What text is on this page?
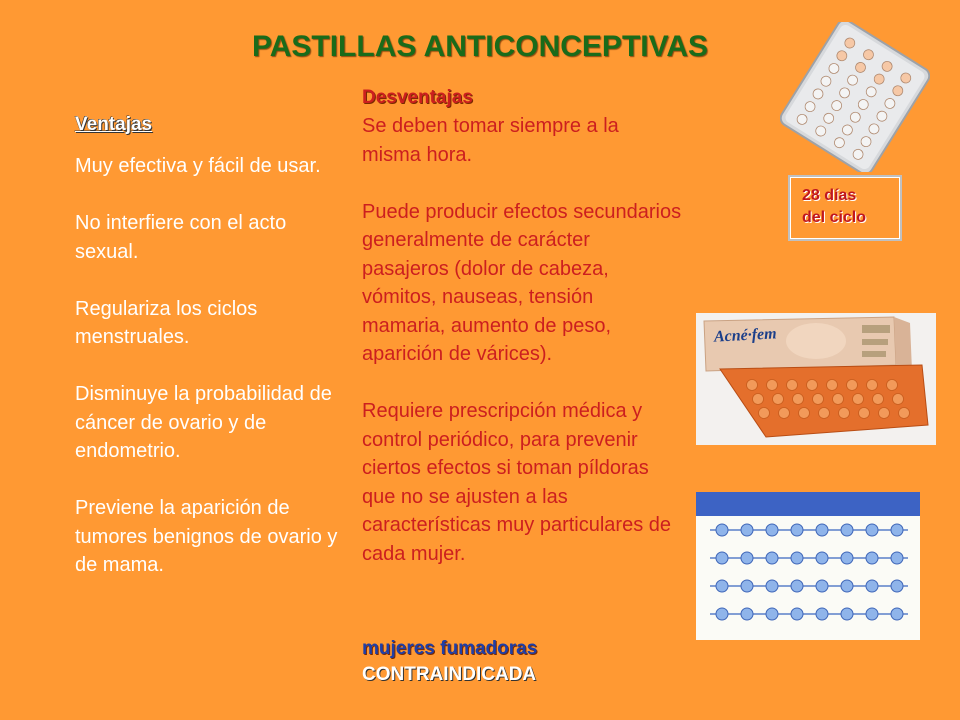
PASTILLAS ANTICONCEPTIVAS
28 días
del ciclo
Ventajas

Muy efectiva y fácil de usar.

No interfiere con el acto sexual.

Regulariza los ciclos menstruales.

Disminuye la probabilidad de cáncer de ovario y de endometrio.

Previene la aparición de tumores benignos de ovario y de mama.

Desventajas

Se deben tomar siempre a la misma hora.

Puede producir efectos secundarios generalmente de carácter pasajeros (dolor de cabeza, vómitos, nauseas, tensión mamaria, aumento de peso, aparición de várices).

Requiere prescripción médica y control periódico, para prevenir ciertos efectos si toman píldoras que no se ajusten a las características muy particulares de cada mujer.

mujeres fumadoras
CONTRAINDICADA
Acné·fem
